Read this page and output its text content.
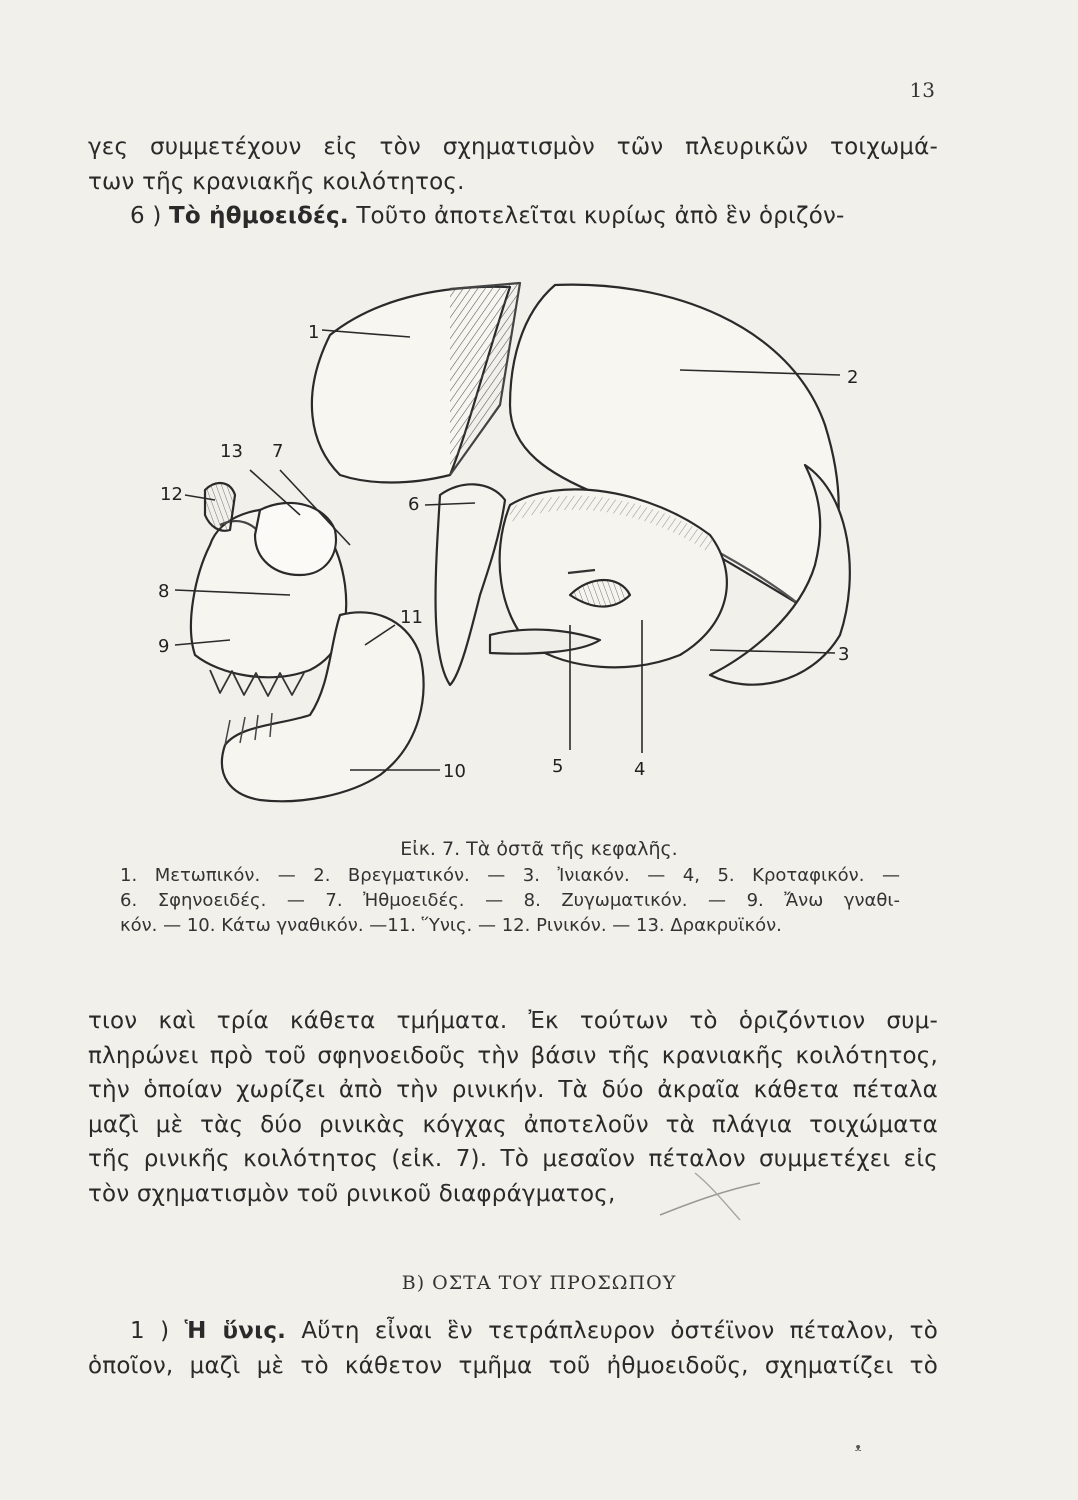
13
γες συμμετέχουν εἰς τὸν σχηματισμὸν τῶν πλευρικῶν τοιχωμά-
των τῆς κρανιακῆς κοιλότητος.
6 ) Τὸ ἠθμοειδές. Τοῦτο ἀποτελεῖται κυρίως ἀπὸ ἓν ὁριζόν-
1
2
13 7
12	6
8
11
9	3
10	5	4
Εἰκ. 7. Τὰ ὀστᾶ τῆς κεφαλῆς.
1. Μετωπικόν. — 2. Βρεγματικόν. — 3. Ἰνιακόν. — 4, 5. Κροταφικόν. —
6. Σφηνοειδές. — 7. Ἠθμοειδές. — 8. Ζυγωματικόν. — 9. Ἄνω γναθι-
κόν. — 10. Κάτω γναθικόν. —11. Ὕνις. — 12. Ρινικόν. — 13. Δρακρυϊκόν.
τιον καὶ τρία κάθετα τμήματα. Ἐκ τούτων τὸ ὁριζόντιον συμ-
πληρώνει πρὸ τοῦ σφηνοειδοῦς τὴν βάσιν τῆς κρανιακῆς κοιλότητος,
τὴν ὁποίαν χωρίζει ἀπὸ τὴν ρινικήν. Τὰ δύο ἀκραῖα κάθετα πέταλα
μαζὶ μὲ τὰς δύο ρινικὰς κόγχας ἀποτελοῦν τὰ πλάγια τοιχώματα
τῆς ρινικῆς κοιλότητος (εἰκ. 7). Τὸ μεσαῖον πέταλον συμμετέχει εἰς
τὸν σχηματισμὸν τοῦ ρινικοῦ διαφράγματος,
Β) ΟΣΤΑ ΤΟΥ ΠΡΟΣΩΠΟΥ
1 ) Ἡ ὕνις. Αὕτη εἶναι ἓν τετράπλευρον ὀστέϊνον πέταλον, τὸ
ὁποῖον, μαζὶ μὲ τὸ κάθετον τμῆμα τοῦ ἠθμοειδοῦς, σχηματίζει τὸ
ᵜ
